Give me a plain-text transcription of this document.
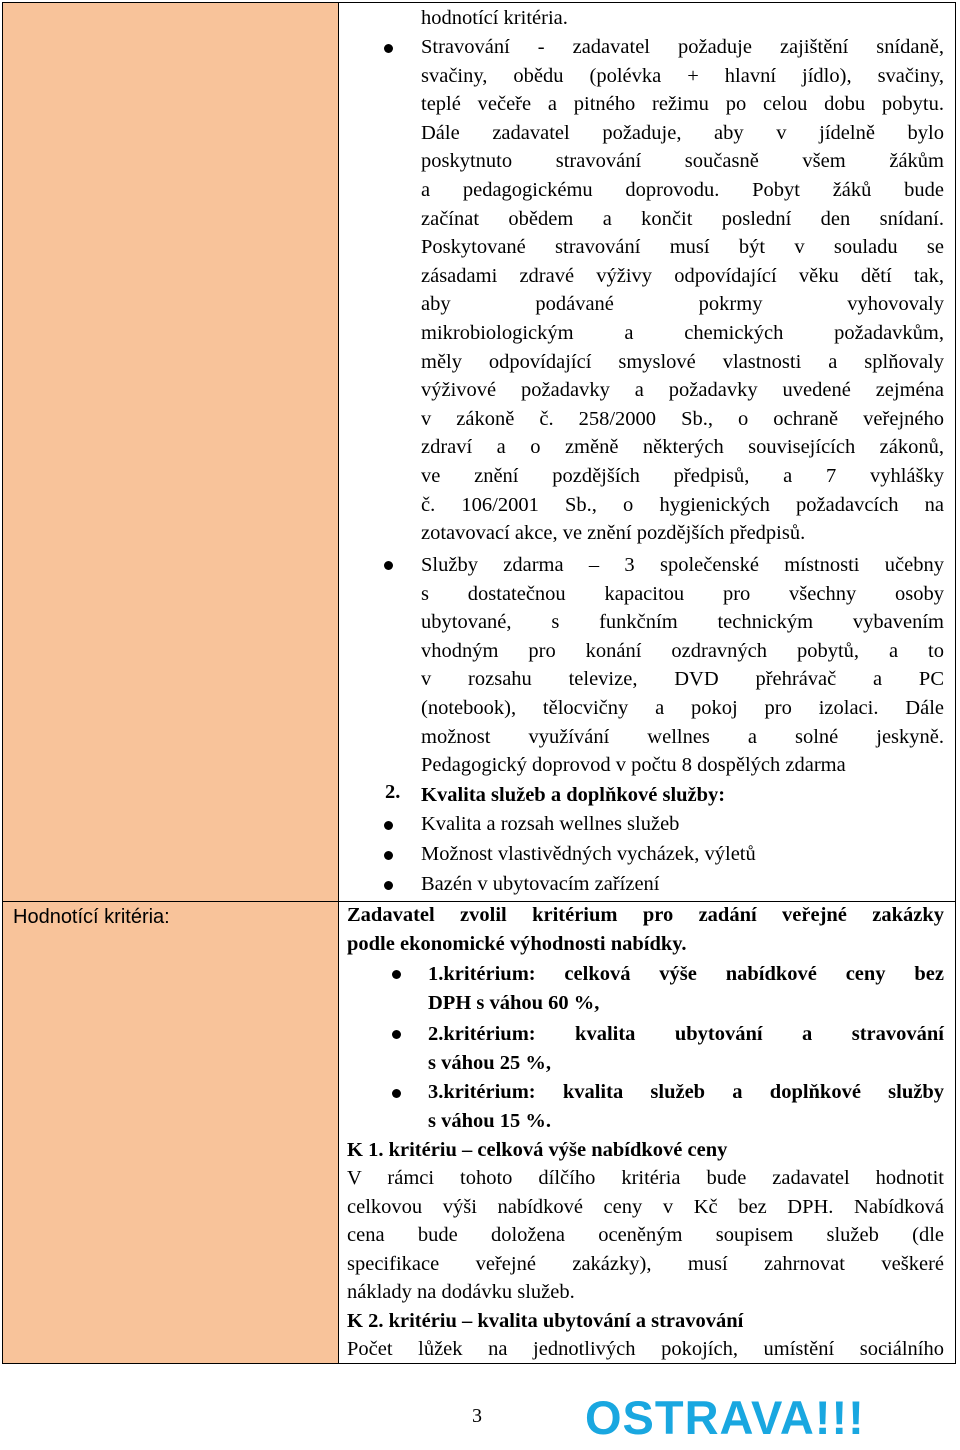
Hodnotící kritéria:
hodnotící kritéria.
Stravování - zadavatel požaduje zajištění snídaně,
svačiny, obědu (polévka + hlavní jídlo), svačiny,
teplé večeře a pitného režimu po celou dobu pobytu.
Dále zadavatel požaduje, aby v jídelně bylo
poskytnuto stravování současně všem žákům
a pedagogickému doprovodu. Pobyt žáků bude
začínat obědem a končit poslední den snídaní.
Poskytované stravování musí být v souladu se
zásadami zdravé výživy odpovídající věku dětí tak,
aby podávané pokrmy vyhovovaly
mikrobiologickým a chemických požadavkům,
měly odpovídající smyslové vlastnosti a splňovaly
výživové požadavky a požadavky uvedené zejména
v zákoně č. 258/2000 Sb., o ochraně veřejného
zdraví a o změně některých souvisejících zákonů,
ve znění pozdějších předpisů, a 7 vyhlášky
č. 106/2001 Sb., o hygienických požadavcích na
zotavovací akce, ve znění pozdějších předpisů.
Služby zdarma – 3 společenské místnosti učebny
s dostatečnou kapacitou pro všechny osoby
ubytované, s funkčním technickým vybavením
vhodným pro konání ozdravných pobytů, a to
v rozsahu televize, DVD přehrávač a PC
(notebook), tělocvičny a pokoj pro izolaci. Dále
možnost využívání wellnes a solné jeskyně.
Pedagogický doprovod v počtu 8 dospělých zdarma
2. Kvalita služeb a doplňkové služby:
Kvalita a rozsah wellnes služeb
Možnost vlastivědných vycházek, výletů
Bazén v ubytovacím zařízení
Zadavatel zvolil kritérium pro zadání veřejné zakázky
podle ekonomické výhodnosti nabídky.
1.kritérium: celková výše nabídkové ceny bez
DPH s váhou 60 %,
2.kritérium: kvalita ubytování a stravování
s váhou 25 %,
3.kritérium: kvalita služeb a doplňkové služby
s váhou 15 %.
K 1. kritériu – celková výše nabídkové ceny
V rámci tohoto dílčího kritéria bude zadavatel hodnotit
celkovou výši nabídkové ceny v Kč bez DPH. Nabídková
cena bude doložena oceněným soupisem služeb (dle
specifikace veřejné zakázky), musí zahrnovat veškeré
náklady na dodávku služeb.
K 2. kritériu – kvalita ubytování a stravování
Počet lůžek na jednotlivých pokojích, umístění sociálního
3 OSTRAVA!!!
